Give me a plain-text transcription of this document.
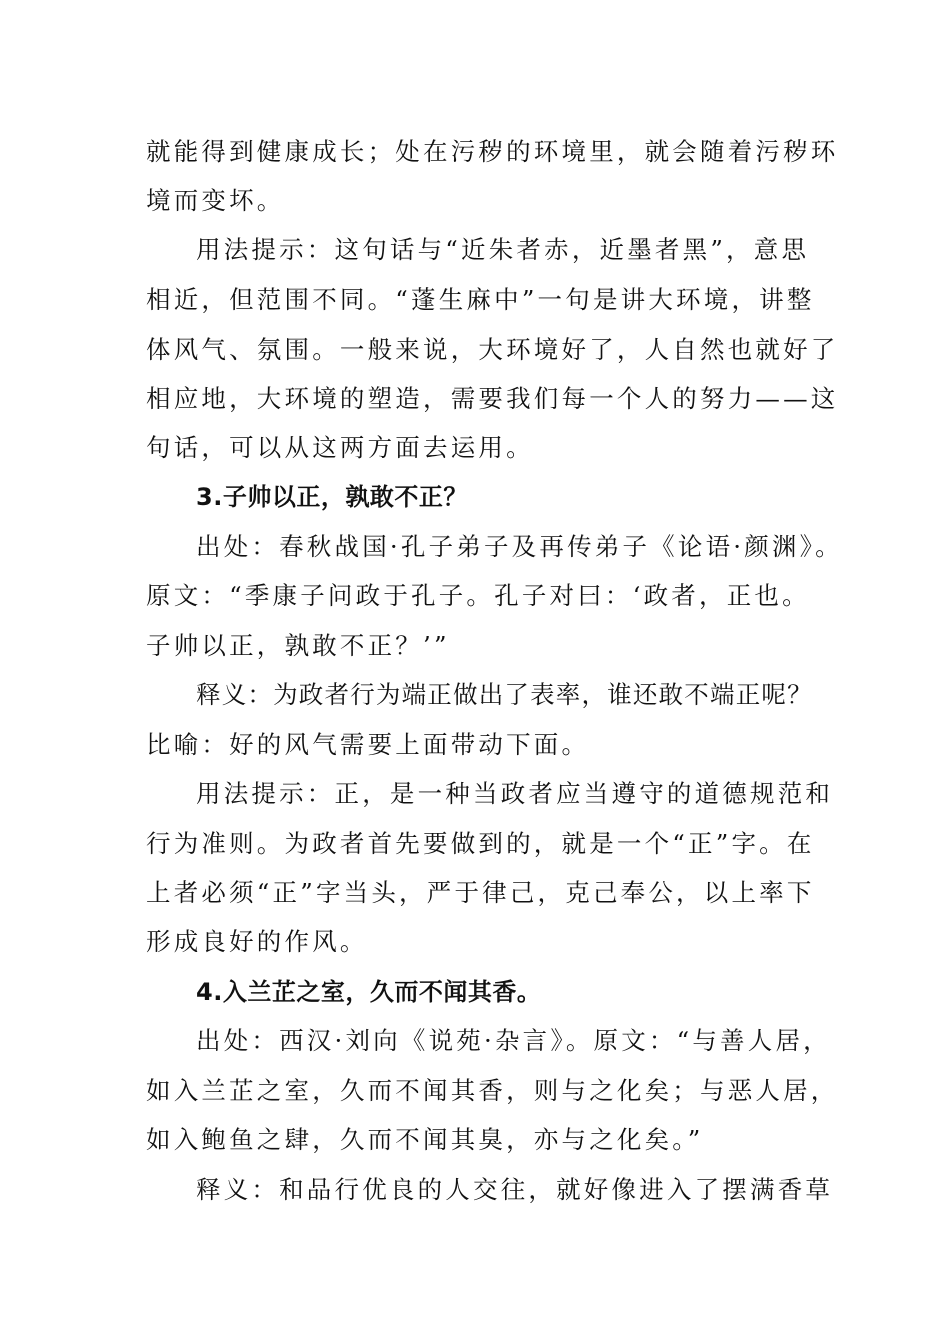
就能得到健康成长；处在污秽的环境里，就会随着污秽环
境而变坏。
用法提示：这句话与“近朱者赤，近墨者黑”，意思
相近，但范围不同。“蓬生麻中”一句是讲大环境，讲整
体风气、氛围。一般来说，大环境好了，人自然也就好了
相应地，大环境的塑造，需要我们每一个人的努力——这
句话，可以从这两方面去运用。
3.子帅以正，孰敢不正？
出处：春秋战国·孔子弟子及再传弟子《论语·颜渊》。
原文：“季康子问政于孔子。孔子对曰：‘政者，正也。
子帅以正，孰敢不正？’”
释义：为政者行为端正做出了表率，谁还敢不端正呢？
比喻：好的风气需要上面带动下面。
用法提示：正，是一种当政者应当遵守的道德规范和
行为准则。为政者首先要做到的，就是一个“正”字。在
上者必须“正”字当头，严于律己，克己奉公，以上率下
形成良好的作风。
4.入兰芷之室，久而不闻其香。
出处：西汉·刘向《说苑·杂言》。原文：“与善人居，
如入兰芷之室，久而不闻其香，则与之化矣；与恶人居，
如入鲍鱼之肆，久而不闻其臭，亦与之化矣。”
释义：和品行优良的人交往，就好像进入了摆满香草
